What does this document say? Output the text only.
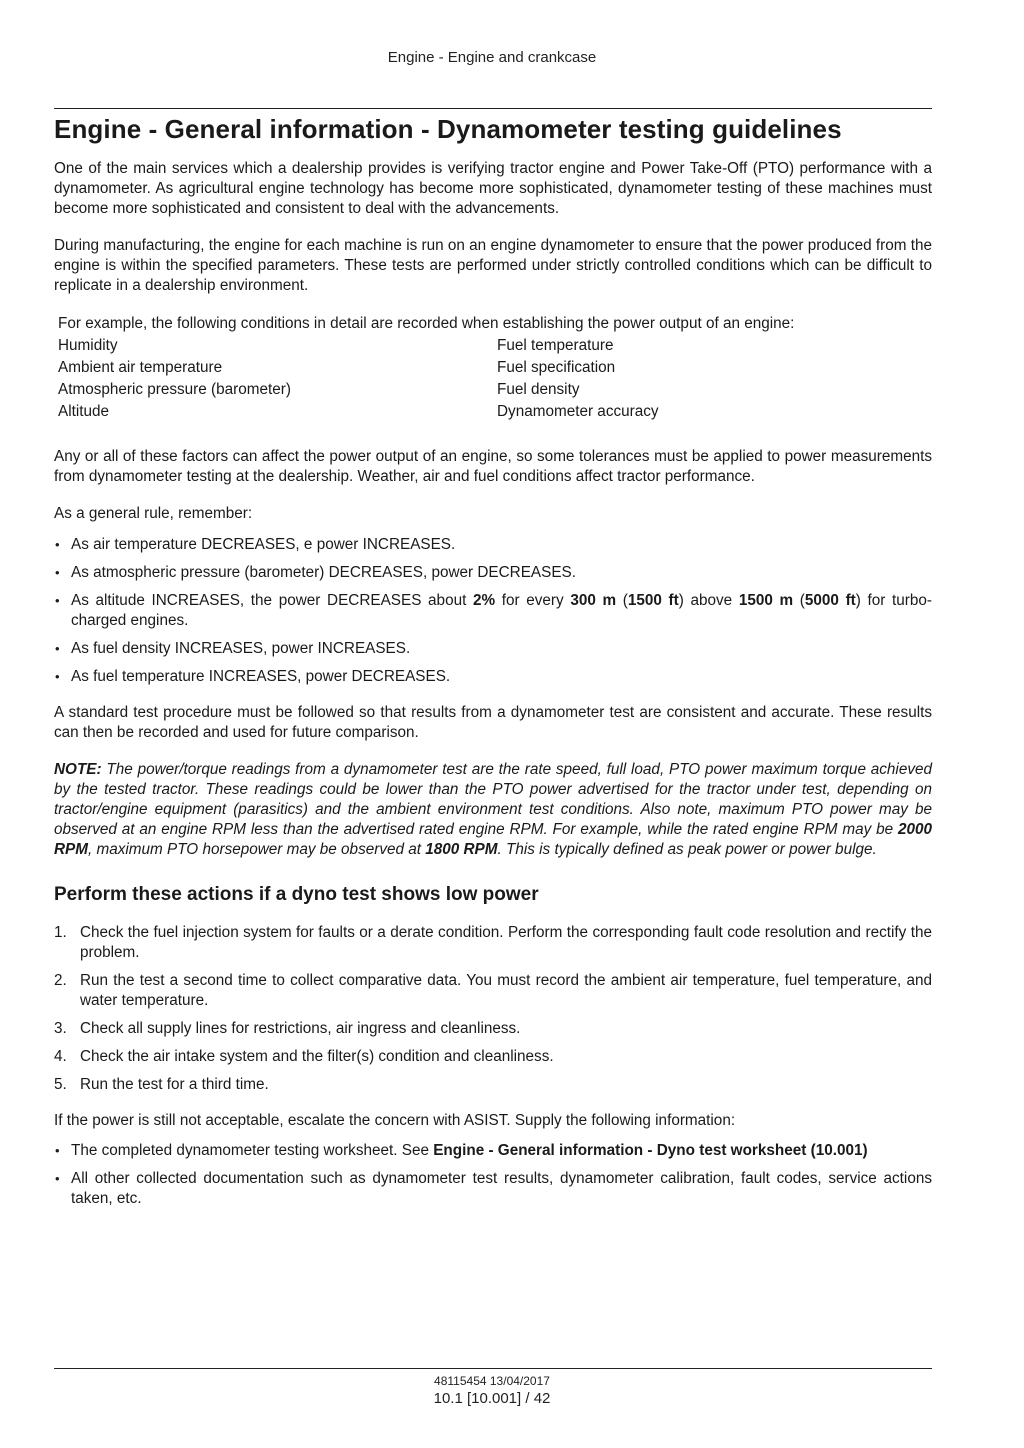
Engine - Engine and crankcase
Engine - General information - Dynamometer testing guidelines

One of the main services which a dealership provides is verifying tractor engine and Power Take-Off (PTO) performance with a dynamometer. As agricultural engine technology has become more sophisticated, dynamometer testing of these machines must become more sophisticated and consistent to deal with the advancements.

During manufacturing, the engine for each machine is run on an engine dynamometer to ensure that the power produced from the engine is within the specified parameters. These tests are performed under strictly controlled conditions which can be difficult to replicate in a dealership environment.

For example, the following conditions in detail are recorded when establishing the power output of an engine:
Humidity	Fuel temperature
Ambient air temperature	Fuel specification
Atmospheric pressure (barometer)	Fuel density
Altitude	Dynamometer accuracy

Any or all of these factors can affect the power output of an engine, so some tolerances must be applied to power measurements from dynamometer testing at the dealership. Weather, air and fuel conditions affect tractor performance.

As a general rule, remember:

• As air temperature DECREASES, e power INCREASES.
• As atmospheric pressure (barometer) DECREASES, power DECREASES.
• As altitude INCREASES, the power DECREASES about 2% for every 300 m (1500 ft) above 1500 m (5000 ft) for turbo-charged engines.
• As fuel density INCREASES, power INCREASES.
• As fuel temperature INCREASES, power DECREASES.

A standard test procedure must be followed so that results from a dynamometer test are consistent and accurate. These results can then be recorded and used for future comparison.

NOTE: The power/torque readings from a dynamometer test are the rate speed, full load, PTO power maximum torque achieved by the tested tractor. These readings could be lower than the PTO power advertised for the tractor under test, depending on tractor/engine equipment (parasitics) and the ambient environment test conditions. Also note, maximum PTO power may be observed at an engine RPM less than the advertised rated engine RPM. For example, while the rated engine RPM may be 2000 RPM, maximum PTO horsepower may be observed at 1800 RPM. This is typically defined as peak power or power bulge.

Perform these actions if a dyno test shows low power
1. Check the fuel injection system for faults or a derate condition. Perform the corresponding fault code resolution and rectify the problem.
2. Run the test a second time to collect comparative data. You must record the ambient air temperature, fuel temperature, and water temperature.
3. Check all supply lines for restrictions, air ingress and cleanliness.
4. Check the air intake system and the filter(s) condition and cleanliness.
5. Run the test for a third time.

If the power is still not acceptable, escalate the concern with ASIST. Supply the following information:

• The completed dynamometer testing worksheet. See Engine - General information - Dyno test worksheet (10.001)
• All other collected documentation such as dynamometer test results, dynamometer calibration, fault codes, service actions taken, etc.
48115454 13/04/2017
10.1 [10.001] / 42
